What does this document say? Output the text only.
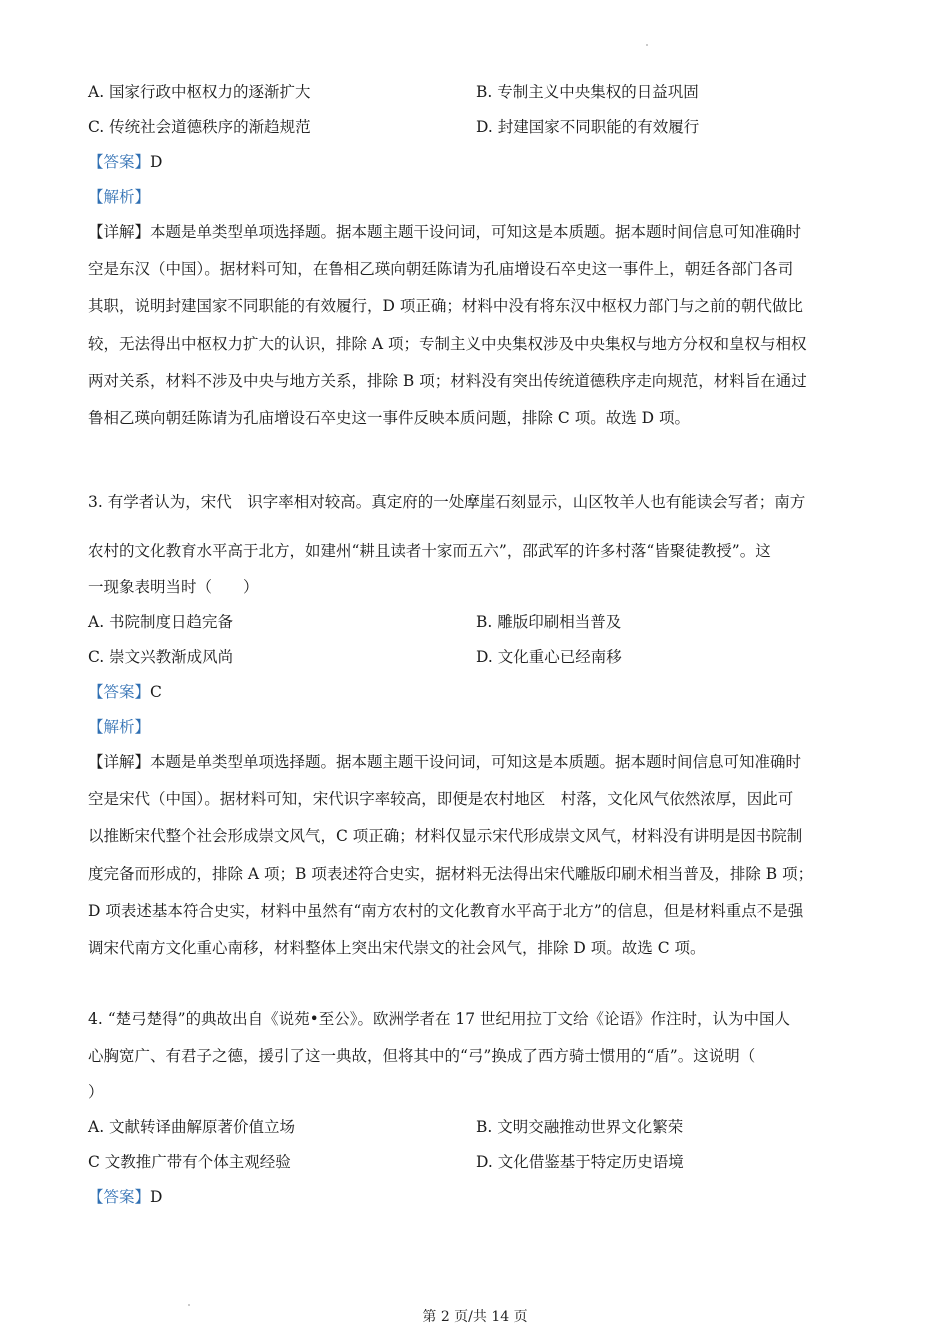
A. 国家行政中枢权力的逐渐扩大	B. 专制主义中央集权的日益巩固
C. 传统社会道德秩序的渐趋规范	D. 封建国家不同职能的有效履行
【答案】D
【解析】
【详解】本题是单类型单项选择题。据本题主题干设问词，可知这是本质题。据本题时间信息可知准确时
空是东汉（中国）。据材料可知，在鲁相乙瑛向朝廷陈请为孔庙增设石卒史这一事件上，朝廷各部门各司
其职，说明封建国家不同职能的有效履行，D 项正确；材料中没有将东汉中枢权力部门与之前的朝代做比
较，无法得出中枢权力扩大的认识，排除 A 项；专制主义中央集权涉及中央集权与地方分权和皇权与相权
两对关系，材料不涉及中央与地方关系，排除 B 项；材料没有突出传统道德秩序走向规范，材料旨在通过
鲁相乙瑛向朝廷陈请为孔庙增设石卒史这一事件反映本质问题，排除 C 项。故选 D 项。
3. 有学者认为，宋代　识字率相对较高。真定府的一处摩崖石刻显示，山区牧羊人也有能读会写者；南方
农村的文化教育水平高于北方，如建州“耕且读者十家而五六”，邵武军的许多村落“皆聚徒教授”。这
一现象表明当时（　　）
A. 书院制度日趋完备	B. 雕版印刷相当普及
C. 崇文兴教渐成风尚	D. 文化重心已经南移
【答案】C
【解析】
【详解】本题是单类型单项选择题。据本题主题干设问词，可知这是本质题。据本题时间信息可知准确时
空是宋代（中国）。据材料可知，宋代识字率较高，即便是农村地区　村落，文化风气依然浓厚，因此可
以推断宋代整个社会形成崇文风气，C 项正确；材料仅显示宋代形成崇文风气，材料没有讲明是因书院制
度完备而形成的，排除 A 项；B 项表述符合史实，据材料无法得出宋代雕版印刷术相当普及，排除 B 项；
D 项表述基本符合史实，材料中虽然有“南方农村的文化教育水平高于北方”的信息，但是材料重点不是强
调宋代南方文化重心南移，材料整体上突出宋代崇文的社会风气，排除 D 项。故选 C 项。
4. “楚弓楚得”的典故出自《说苑•至公》。欧洲学者在 17 世纪用拉丁文给《论语》作注时，认为中国人
心胸宽广、有君子之德，援引了这一典故，但将其中的“弓”换成了西方骑士惯用的“盾”。这说明（
）
A. 文献转译曲解原著价值立场	B. 文明交融推动世界文化繁荣
C 文教推广带有个体主观经验	D. 文化借鉴基于特定历史语境
【答案】D
第 2 页/共 14 页
